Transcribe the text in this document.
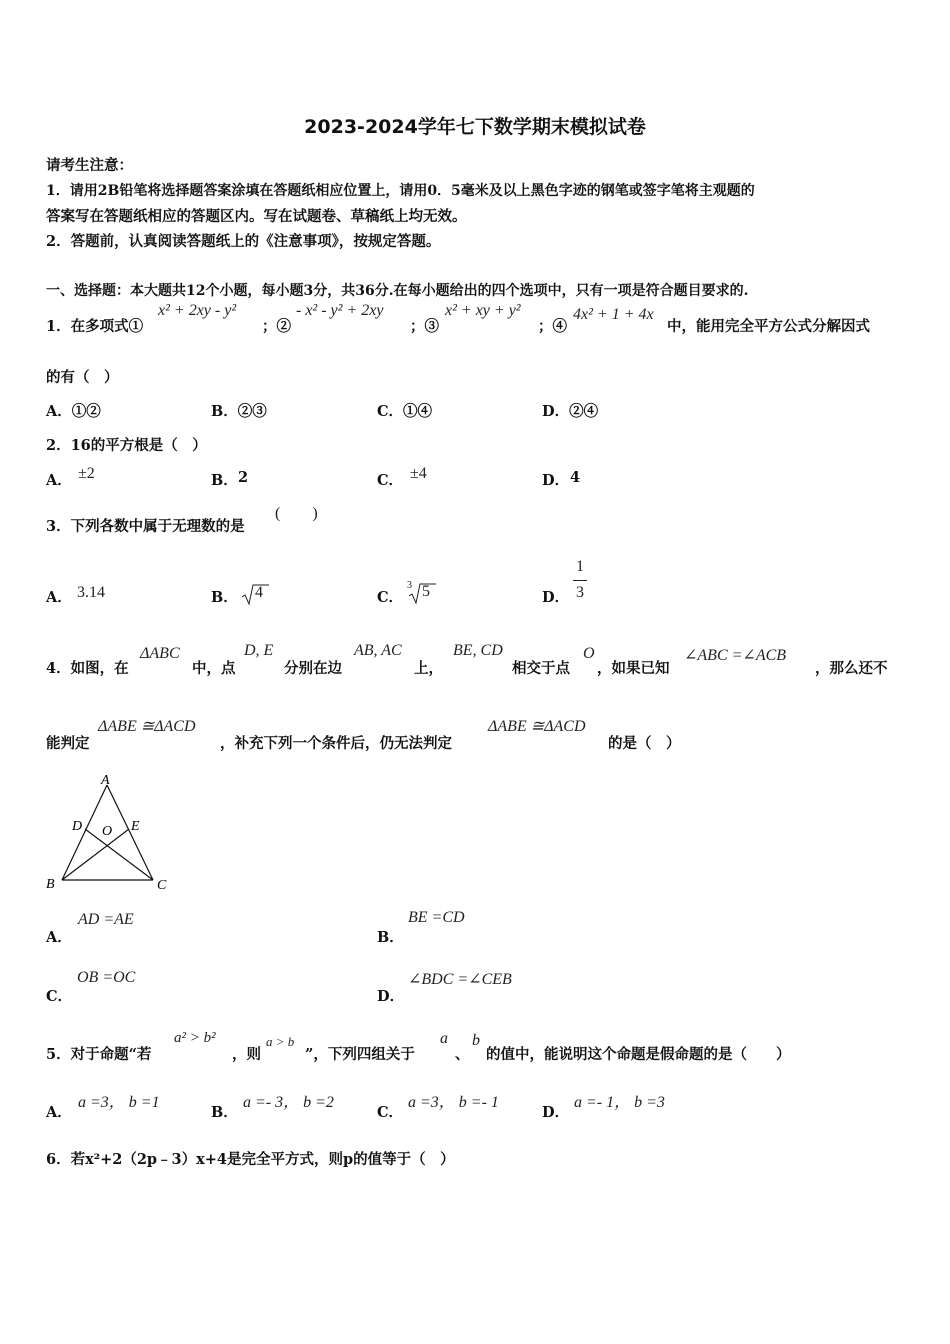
2023-2024学年七下数学期末模拟试卷
请考生注意：
1．请用2B铅笔将选择题答案涂填在答题纸相应位置上，请用0．5毫米及以上黑色字迹的钢笔或签字笔将主观题的
答案写在答题纸相应的答题区内。写在试题卷、草稿纸上均无效。
2．答题前，认真阅读答题纸上的《注意事项》，按规定答题。
一、选择题：本大题共12个小题，每小题3分，共36分.在每小题给出的四个选项中，只有一项是符合题目要求的.
1．在多项式①
x² + 2xy - y²
；②
- x² - y² + 2xy
；③
x² + xy + y²
；④
4x² + 1 + 4x
中，能用完全平方公式分解因式
的有（　）
A．①②	B．②③	C．①④	D．②④
2．16的平方根是（　）
A． ±2	B． 2	C． ±4	D． 4
3．下列各数中属于无理数的是
(　　)
A． 3.14	B． 4	C．
3 5	D．
1
3
4．如图，在
ΔABC
中，点
D, E
分别在边
AB, AC
上，
BE, CD
相交于点
O
，如果已知
∠ABC =∠ACB
，那么还不
能判定
ΔABE ≅ΔACD
，补充下列一个条件后，仍无法判定
ΔABE ≅ΔACD
的是（　）
A
B	C
D	E
O
A．
AD =AE
B．
BE =CD
C．
OB =OC
D．
∠BDC =∠CEB
5．对于命题“若
a² > b²
，则
a > b
”，下列四组关于
a
、
b
的值中，能说明这个命题是假命题的是（　　）
A．
a =3， b =1
B．
a =- 3， b =2
C．
a =3， b =- 1
D．
a =- 1， b =3
6．若x²+2（2p﹣3）x+4是完全平方式，则p的值等于（　）
